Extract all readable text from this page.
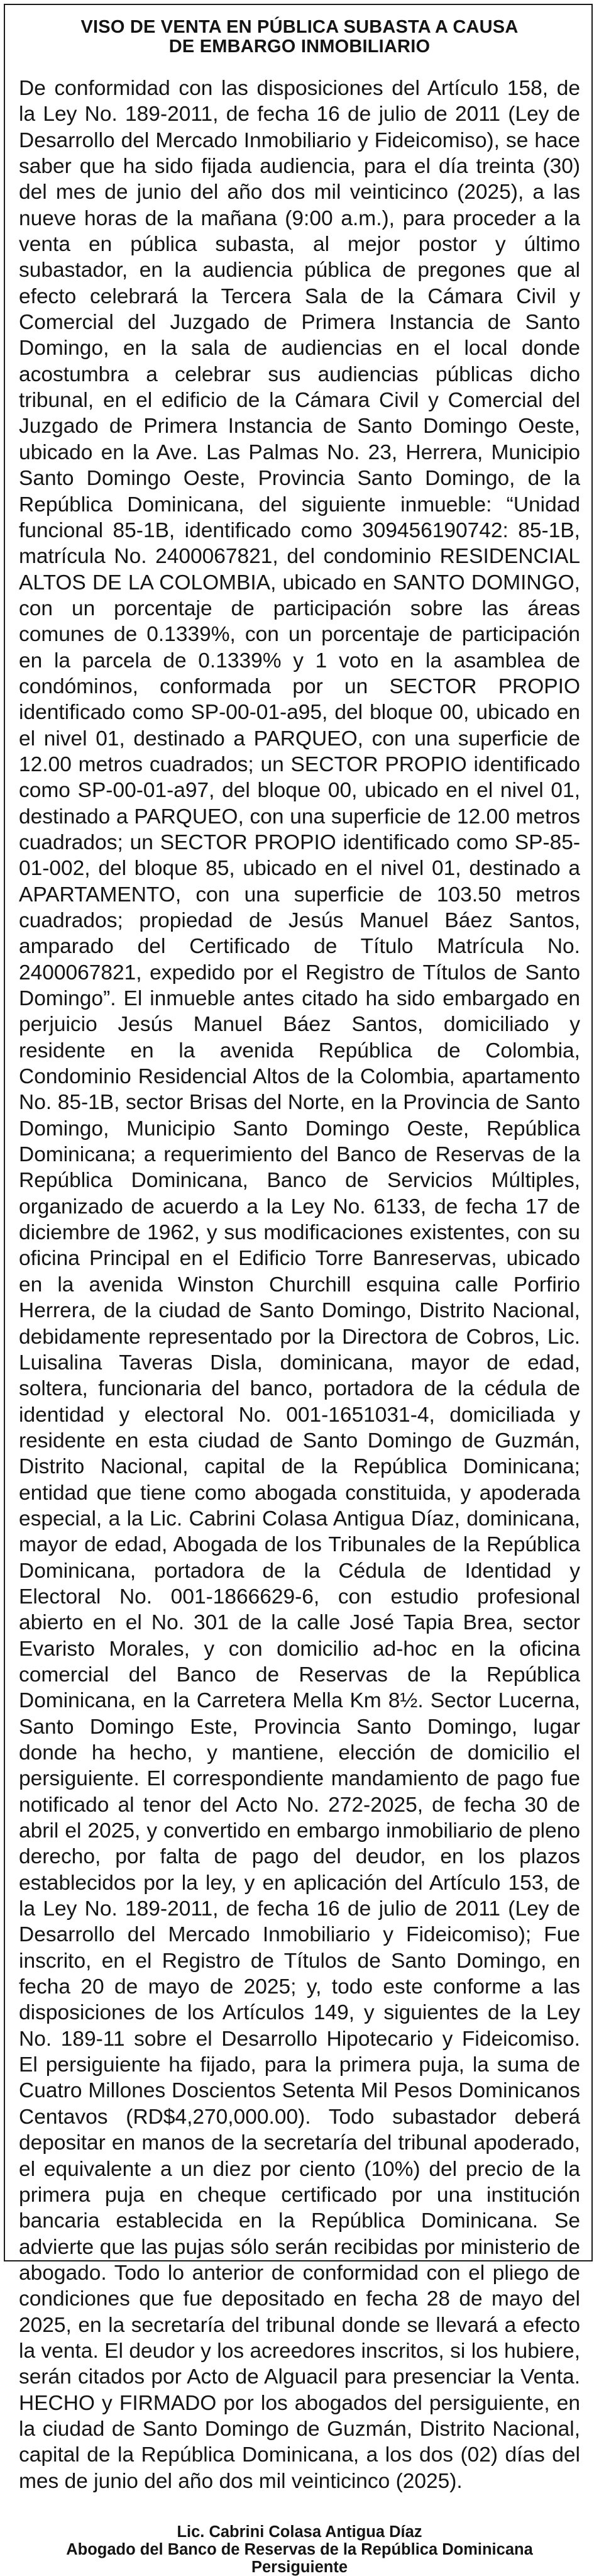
VISO DE VENTA EN PÚBLICA SUBASTA A CAUSA
DE EMBARGO INMOBILIARIO

De conformidad con las disposiciones del Artículo 158, de la Ley No. 189-2011, de fecha 16 de julio de 2011 (Ley de Desarrollo del Mercado Inmobiliario y Fideicomiso), se hace saber que ha sido fijada audiencia, para el día treinta (30) del mes de junio del año dos mil veinticinco (2025), a las nueve horas de la mañana (9:00 a.m.), para proceder a la venta en pública subasta, al mejor postor y último subastador, en la audiencia pública de pregones que al efecto celebrará la Tercera Sala de la Cámara Civil y Comercial del Juzgado de Primera Instancia de Santo Domingo, en la sala de audiencias en el local donde acostumbra a celebrar sus audiencias públicas dicho tribunal, en el edificio de la Cámara Civil y Comercial del Juzgado de Primera Instancia de Santo Domingo Oeste, ubicado en la Ave. Las Palmas No. 23, Herrera, Municipio Santo Domingo Oeste, Provincia Santo Domingo, de la República Dominicana, del siguiente inmueble: “Unidad funcional 85-1B, identificado como 309456190742: 85-1B, matrícula No. 2400067821, del condominio RESIDENCIAL ALTOS DE LA COLOMBIA, ubicado en SANTO DOMINGO, con un porcentaje de participación sobre las áreas comunes de 0.1339%, con un porcentaje de participación en la parcela de 0.1339% y 1 voto en la asamblea de condóminos, conformada por un SECTOR PROPIO identificado como SP-00-01-a95, del bloque 00, ubicado en el nivel 01, destinado a PARQUEO, con una superficie de 12.00 metros cuadrados; un SECTOR PROPIO identificado como SP-00-01-a97, del bloque 00, ubicado en el nivel 01, destinado a PARQUEO, con una superficie de 12.00 metros cuadrados; un SECTOR PROPIO identificado como SP-85-01-002, del bloque 85, ubicado en el nivel 01, destinado a APARTAMENTO, con una superficie de 103.50 metros cuadrados; propiedad de Jesús Manuel Báez Santos, amparado del Certificado de Título Matrícula No. 2400067821, expedido por el Registro de Títulos de Santo Domingo”. El inmueble antes citado ha sido embargado en perjuicio Jesús Manuel Báez Santos, domiciliado y residente en la avenida República de Colombia, Condominio Residencial Altos de la Colombia, apartamento No. 85-1B, sector Brisas del Norte, en la Provincia de Santo Domingo, Municipio Santo Domingo Oeste, República Dominicana; a requerimiento del Banco de Reservas de la República Dominicana, Banco de Servicios Múltiples, organizado de acuerdo a la Ley No. 6133, de fecha 17 de diciembre de 1962, y sus modificaciones existentes, con su oficina Principal en el Edificio Torre Banreservas, ubicado en la avenida Winston Churchill esquina calle Porfirio Herrera, de la ciudad de Santo Domingo, Distrito Nacional, debidamente representado por la Directora de Cobros, Lic. Luisalina Taveras Disla, dominicana, mayor de edad, soltera, funcionaria del banco, portadora de la cédula de identidad y electoral No. 001-1651031-4, domiciliada y residente en esta ciudad de Santo Domingo de Guzmán, Distrito Nacional, capital de la República Dominicana; entidad que tiene como abogada constituida, y apoderada especial, a la Lic. Cabrini Colasa Antigua Díaz, dominicana, mayor de edad, Abogada de los Tribunales de la República Dominicana, portadora de la Cédula de Identidad y Electoral No. 001-1866629-6, con estudio profesional abierto en el No. 301 de la calle José Tapia Brea, sector Evaristo Morales, y con domicilio ad-hoc en la oficina comercial del Banco de Reservas de la República Dominicana, en la Carretera Mella Km 8½. Sector Lucerna, Santo Domingo Este, Provincia Santo Domingo, lugar donde ha hecho, y mantiene, elección de domicilio el persiguiente. El correspondiente mandamiento de pago fue notificado al tenor del Acto No. 272-2025, de fecha 30 de abril el 2025, y convertido en embargo inmobiliario de pleno derecho, por falta de pago del deudor, en los plazos establecidos por la ley, y en aplicación del Artículo 153, de la Ley No. 189-2011, de fecha 16 de julio de 2011 (Ley de Desarrollo del Mercado Inmobiliario y Fideicomiso); Fue inscrito, en el Registro de Títulos de Santo Domingo, en fecha 20 de mayo de 2025; y, todo este conforme a las disposiciones de los Artículos 149, y siguientes de la Ley No. 189-11 sobre el Desarrollo Hipotecario y Fideicomiso. El persiguiente ha fijado, para la primera puja, la suma de Cuatro Millones Doscientos Setenta Mil Pesos Dominicanos Centavos (RD$4,270,000.00). Todo subastador deberá depositar en manos de la secretaría del tribunal apoderado, el equivalente a un diez por ciento (10%) del precio de la primera puja en cheque certificado por una institución bancaria establecida en la República Dominicana. Se advierte que las pujas sólo serán recibidas por ministerio de abogado. Todo lo anterior de conformidad con el pliego de condiciones que fue depositado en fecha 28 de mayo del 2025, en la secretaría del tribunal donde se llevará a efecto la venta. El deudor y los acreedores inscritos, si los hubiere, serán citados por Acto de Alguacil para presenciar la Venta. HECHO y FIRMADO por los abogados del persiguiente, en la ciudad de Santo Domingo de Guzmán, Distrito Nacional, capital de la República Dominicana, a los dos (02) días del mes de junio del año dos mil veinticinco (2025).

Lic. Cabrini Colasa Antigua Díaz
Abogado del Banco de Reservas de la República Dominicana
Persiguiente
